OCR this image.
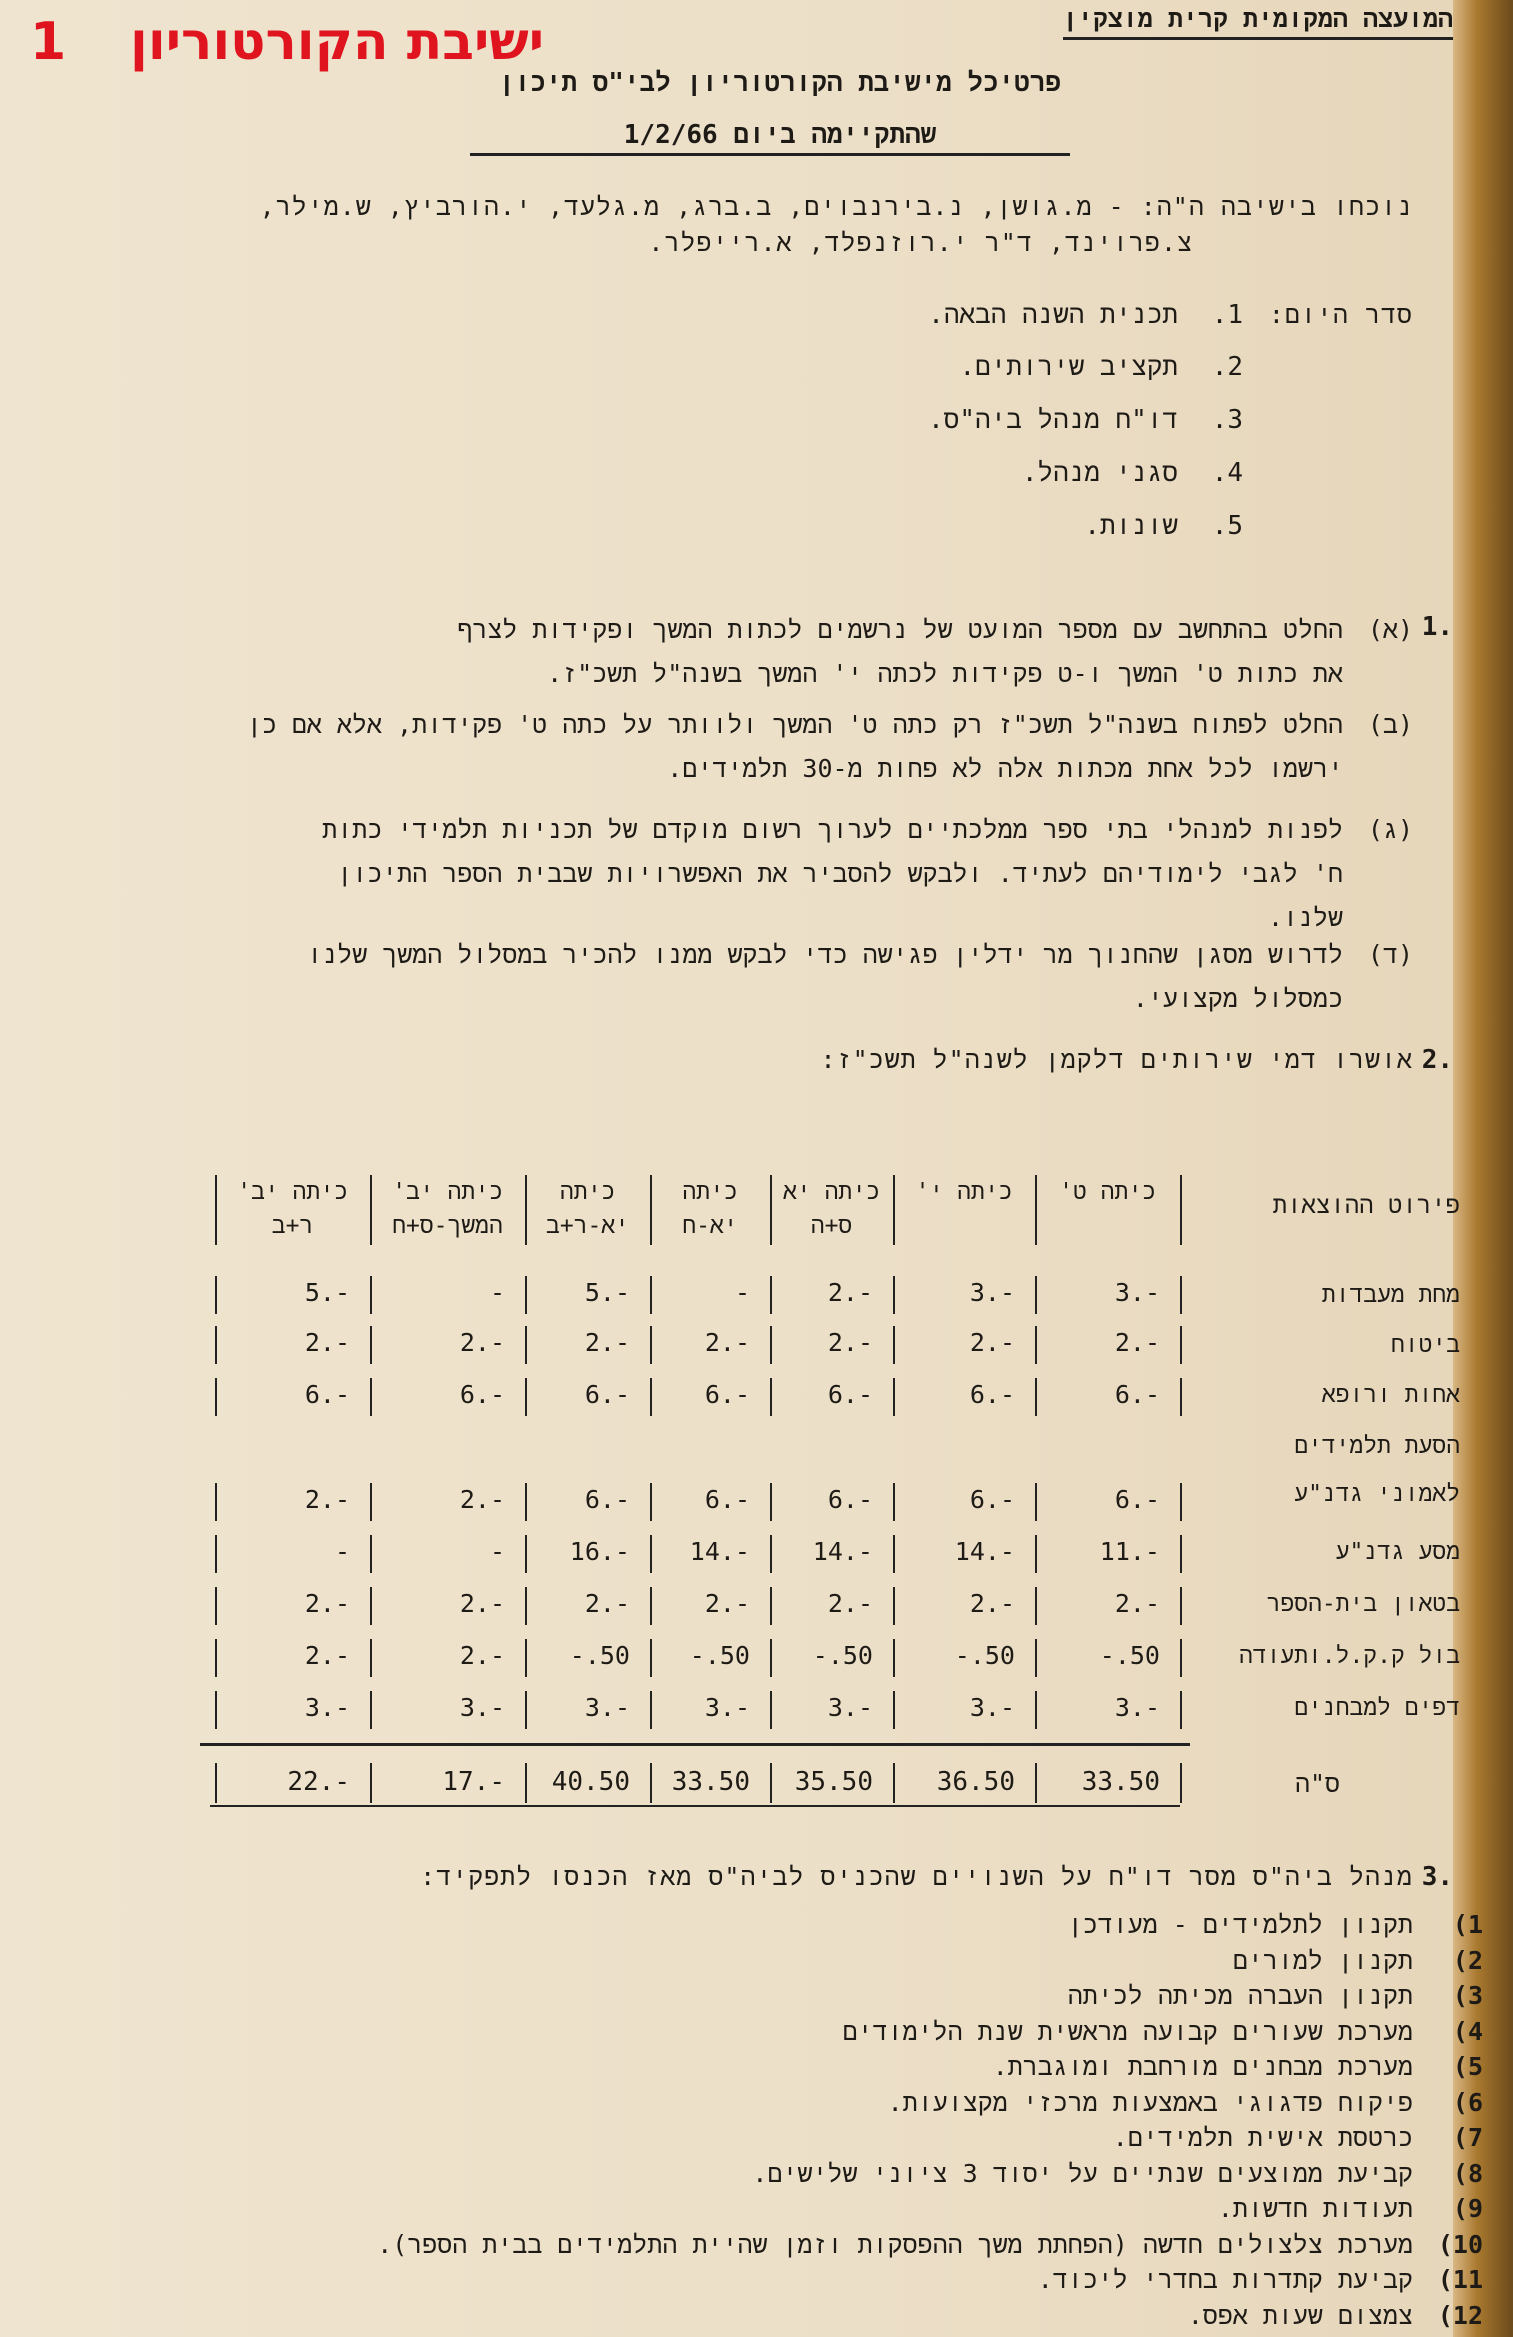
1 ישיבת הקורטוריון	המועצה המקומית קרית מוצקין
פרטיכל מישיבת הקורטוריון לבי"ס תיכון
שהתקיימה ביום 1/2/66
נוכחו בישיבה ה"ה: - מ.גושן, נ.בירנבוים, ב.ברג, מ.גלעד, י.הורביץ, ש.מילר,
צ.פרוינד, ד"ר י.רוזנפלד, א.רייפלר.
סדר היום:
1. תכנית השנה הבאה.
2. תקציב שירותים.
3. דו"ח מנהל ביה"ס.
4. סגני מנהל.
5. שונות.
1.
(א)
החלט בהתחשב עם מספר המועט של נרשמים לכתות המשך ופקידות לצרף
את כתות ט' המשך ו-ט פקידות לכתה י' המשך בשנה"ל תשכ"ז.
(ב)
החלט לפתוח בשנה"ל תשכ"ז רק כתה ט' המשך ולוותר על כתה ט' פקידות, אלא אם כן
ירשמו לכל אחת מכתות אלה לא פחות מ-30 תלמידים.
(ג)
לפנות למנהלי בתי ספר ממלכתיים לערוך רשום מוקדם של תכניות תלמידי כתות
ח' לגבי לימודיהם לעתיד. ולבקש להסביר את האפשרויות שבבית הספר התיכון
שלנו.
(ד)
לדרוש מסגן שהחנוך מר ידלין פגישה כדי לבקש ממנו להכיר במסלול המשך שלנו
כמסלול מקצועי.
2.
אושרו דמי שירותים דלקמן לשנה"ל תשכ"ז:
פירוט ההוצאות
כיתה ט'
כיתה י'
כיתה יא ס+ה
כיתה יא-ח
כיתה יא-ר+ב
כיתה יב' המשך-ס+ח
כיתה יב' ר+ב
מחת מעבדות
3.-
3.-
2.-
-
5.-
-
5.-
ביטוח
2.-
2.-
2.-
2.-
2.-
2.-
2.-
אחות ורופא
6.-
6.-
6.-
6.-
6.-
6.-
6.-
הסעת תלמידים לאמוני גדנ"ע
6.-
6.-
6.-
6.-
6.-
2.-
2.-
מסע גדנ"ע
11.-
14.-
14.-
14.-
16.-
-
-
בטאון בית-הספר
2.-
2.-
2.-
2.-
2.-
2.-
2.-
בול ק.ק.ל.ותעודה
-.50
-.50
-.50
-.50
-.50
2.-
2.-
דפים למבחנים
3.-
3.-
3.-
3.-
3.-
3.-
3.-
ס"ה
33.50
36.50
35.50
33.50
40.50
17.-
22.-
3.
מנהל ביה"ס מסר דו"ח על השנויים שהכניס לביה"ס מאז הכנסו לתפקיד:
1)
תקנון לתלמידים - מעודכן
2)
תקנון למורים
3)
תקנון העברה מכיתה לכיתה
4)
מערכת שעורים קבועה מראשית שנת הלימודים
5)
מערכת מבחנים מורחבת ומוגברת.
6)
פיקוח פדגוגי באמצעות מרכזי מקצועות.
7)
כרטסת אישית תלמידים.
8)
קביעת ממוצעים שנתיים על יסוד 3 ציוני שלישים.
9)
תעודות חדשות.
10)
מערכת צלצולים חדשה (הפחתת משך ההפסקות וזמן שהיית התלמידים בבית הספר).
11)
קביעת קתדרות בחדרי ליכוד.
12)
צמצום שעות אפס.
